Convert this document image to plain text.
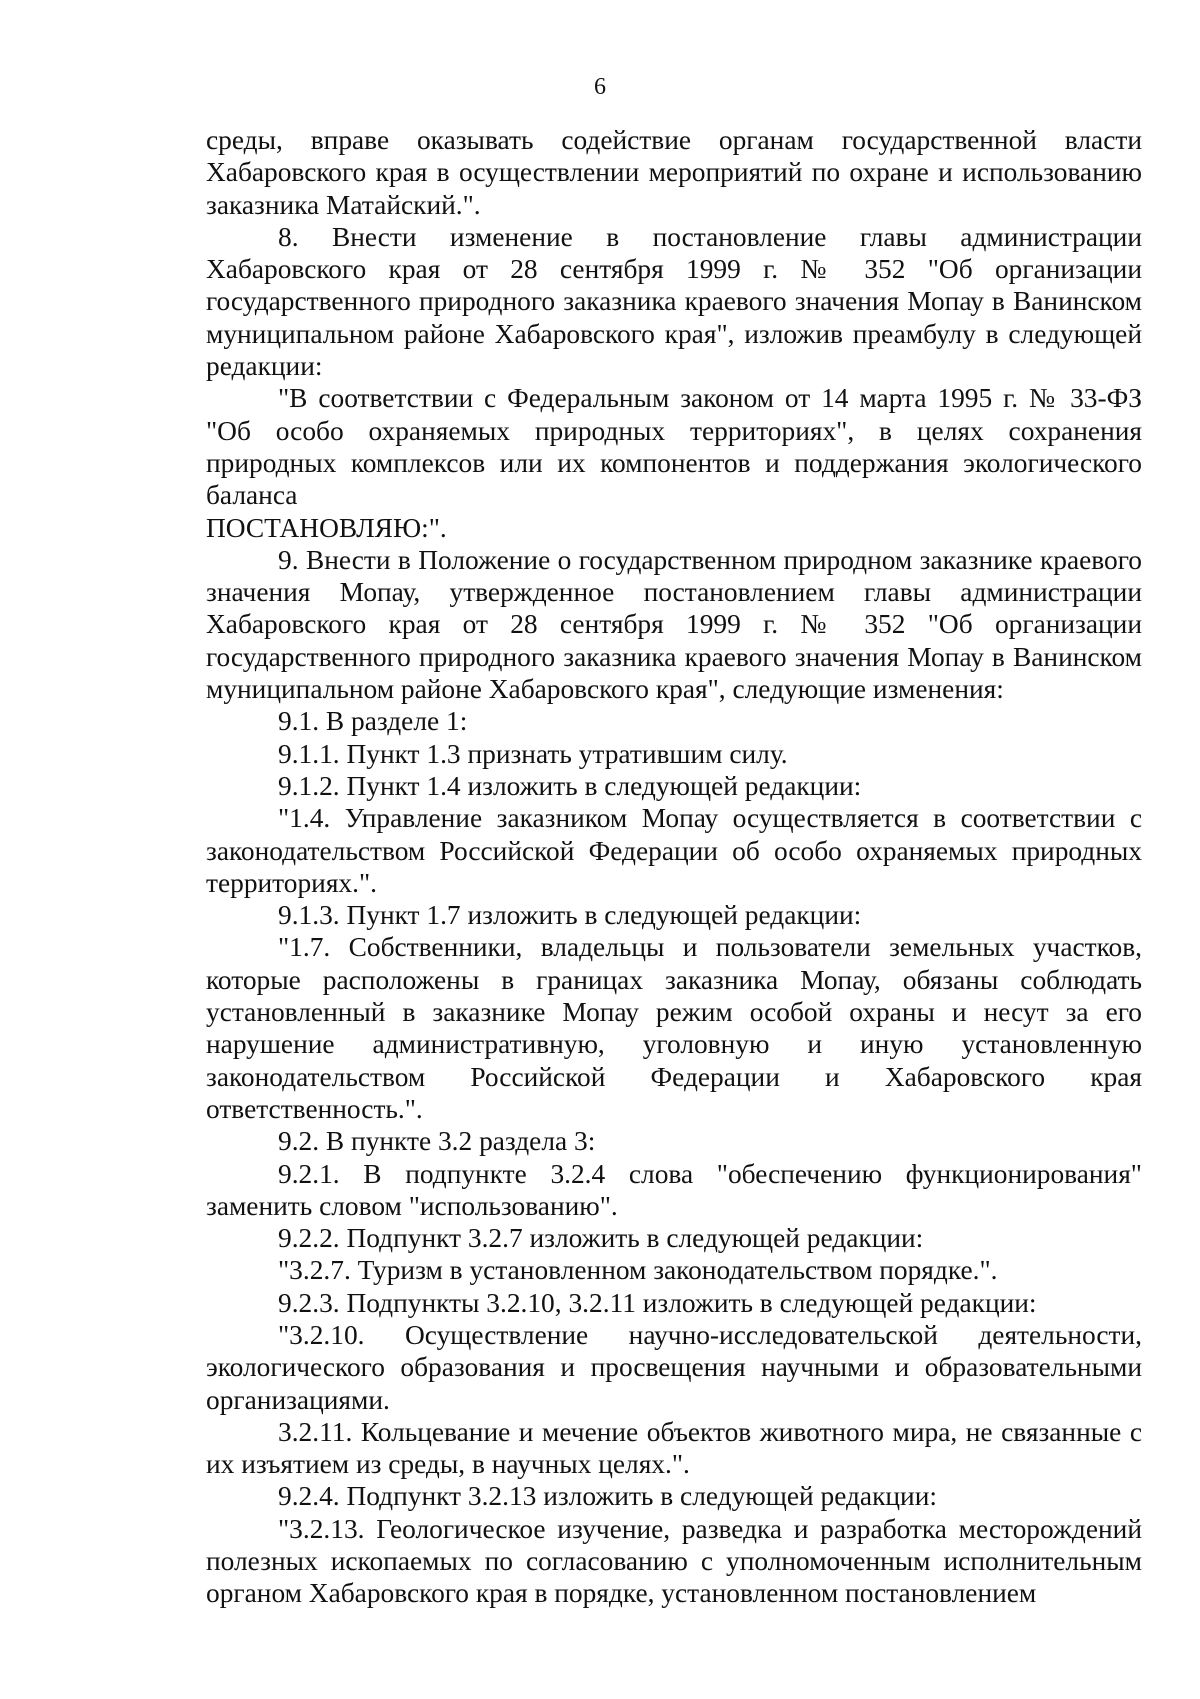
6

среды, вправе оказывать содействие органам государственной власти Хабаровского края в осуществлении мероприятий по охране и использованию заказника Матайский.".

8. Внести изменение в постановление главы администрации Хабаровского края от 28 сентября 1999 г. № 352 "Об организации государственного природного заказника краевого значения Мопау в Ванинском муниципальном районе Хабаровского края", изложив преамбулу в следующей редакции:

"В соответствии с Федеральным законом от 14 марта 1995 г. № 33-ФЗ "Об особо охраняемых природных территориях", в целях сохранения природных комплексов или их компонентов и поддержания экологического баланса

ПОСТАНОВЛЯЮ:".

9. Внести в Положение о государственном природном заказнике краевого значения Мопау, утвержденное постановлением главы администрации Хабаровского края от 28 сентября 1999 г. № 352 "Об организации государственного природного заказника краевого значения Мопау в Ванинском муниципальном районе Хабаровского края", следующие изменения:

9.1. В разделе 1:

9.1.1. Пункт 1.3 признать утратившим силу.

9.1.2. Пункт 1.4 изложить в следующей редакции:

"1.4. Управление заказником Мопау осуществляется в соответствии с законодательством Российской Федерации об особо охраняемых природных территориях.".

9.1.3. Пункт 1.7 изложить в следующей редакции:

"1.7. Собственники, владельцы и пользователи земельных участков, которые расположены в границах заказника Мопау, обязаны соблюдать установленный в заказнике Мопау режим особой охраны и несут за его нарушение административную, уголовную и иную установленную законодательством Российской Федерации и Хабаровского края ответственность.".

9.2. В пункте 3.2 раздела 3:

9.2.1. В подпункте 3.2.4 слова "обеспечению функционирования" заменить словом "использованию".

9.2.2. Подпункт 3.2.7 изложить в следующей редакции:

"3.2.7. Туризм в установленном законодательством порядке.".

9.2.3. Подпункты 3.2.10, 3.2.11 изложить в следующей редакции:

"3.2.10. Осуществление научно-исследовательской деятельности, экологического образования и просвещения научными и образовательными организациями.

3.2.11. Кольцевание и мечение объектов животного мира, не связанные с их изъятием из среды, в научных целях.".

9.2.4. Подпункт 3.2.13 изложить в следующей редакции:

"3.2.13. Геологическое изучение, разведка и разработка месторождений полезных ископаемых по согласованию с уполномоченным исполнительным органом Хабаровского края в порядке, установленном постановлением
